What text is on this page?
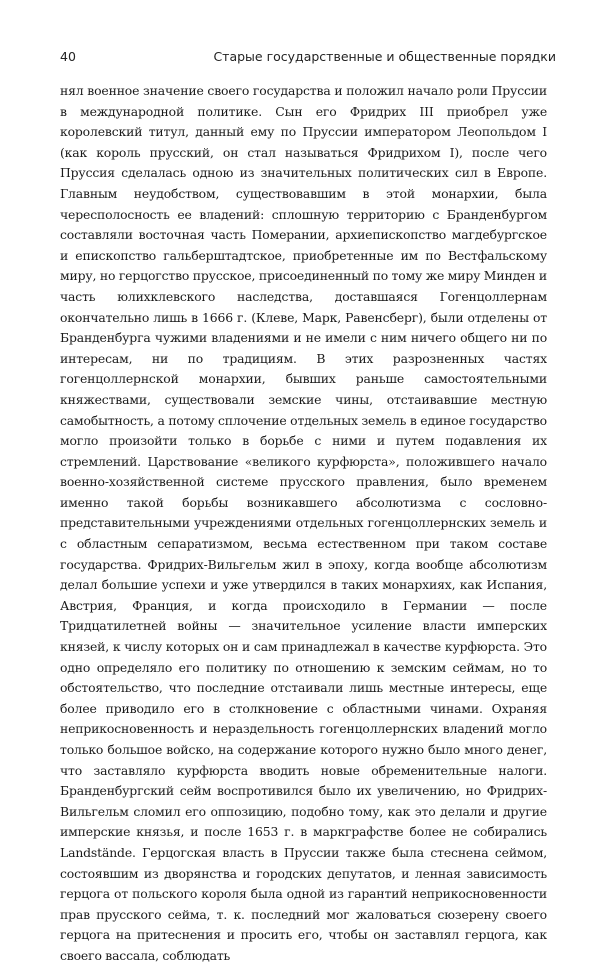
40	Старые государственные и общественные порядки

нял военное значение своего государства и положил начало роли Пруссии в международной политике. Сын его Фридрих III приобрел уже королевский титул, данный ему по Пруссии императором Леопольдом I (как король прусский, он стал называться Фридрихом I), после чего Пруссия сделалась одною из значительных политических сил в Европе. Главным неудобством, существовавшим в этой монархии, была чересполосность ее владений: сплошную территорию с Бранденбургом составляли восточная часть Померании, архиепископство магдебургское и епископство гальберштадтское, приобретенные им по Вестфальскому миру, но герцогство прусское, присоединенный по тому же миру Минден и часть юлихклевского наследства, доставшаяся Гогенцоллернам окончательно лишь в 1666 г. (Клеве, Марк, Равенсберг), были отделены от Бранденбурга чужими владениями и не имели с ним ничего общего ни по интересам, ни по традициям. В этих разрозненных частях гогенцоллернской монархии, бывших раньше самостоятельными княжествами, существовали земские чины, отстаивавшие местную самобытность, а потому сплочение отдельных земель в единое государство могло произойти только в борьбе с ними и путем подавления их стремлений. Царствование «великого курфюрста», положившего начало военно-хозяйственной системе прусского правления, было временем именно такой борьбы возникавшего абсолютизма с сословно-представительными учреждениями отдельных гогенцоллернских земель и с областным сепаратизмом, весьма естественном при таком составе государства. Фридрих-Вильгельм жил в эпоху, когда вообще абсолютизм делал большие успехи и уже утвердился в таких монархиях, как Испания, Австрия, Франция, и когда происходило в Германии — после Тридцатилетней войны — значительное усиление власти имперских князей, к числу которых он и сам принадлежал в качестве курфюрста. Это одно определяло его политику по отношению к земским сеймам, но то обстоятельство, что последние отстаивали лишь местные интересы, еще более приводило его в столкновение с областными чинами. Охраняя неприкосновенность и нераздельность гогенцоллернских владений могло только большое войско, на содержание которого нужно было много денег, что заставляло курфюрста вводить новые обременительные налоги. Бранденбургский сейм воспротивился было их увеличению, но Фридрих-Вильгельм сломил его оппозицию, подобно тому, как это делали и другие имперские князья, и после 1653 г. в маркграфстве более не собирались Landstände. Герцогская власть в Пруссии также была стеснена сеймом, состоявшим из дворянства и городских депутатов, и ленная зависимость герцога от польского короля была одной из гарантий неприкосновенности прав прусского сейма, т. к. последний мог жаловаться сюзерену своего герцога на притеснения и просить его, чтобы он заставлял герцога, как своего вассала, соблюдать
